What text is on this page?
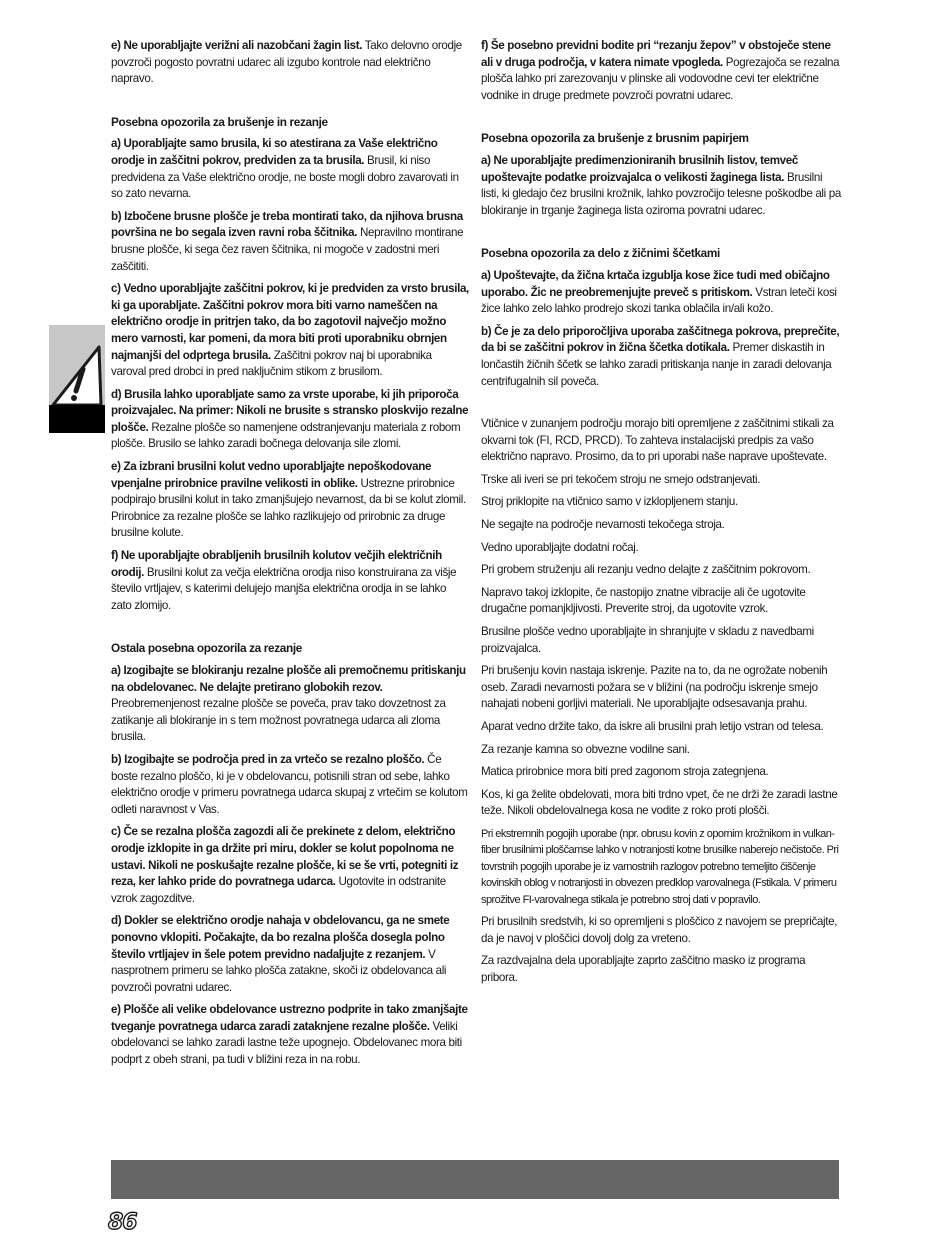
e) Ne uporabljajte verižni ali nazobčani žagin list. Tako delovno orodje povzroči pogosto povratni udarec ali izgubo kontrole nad električno napravo.

Posebna opozorila za brušenje in rezanje

a) Uporabljajte samo brusila, ki so atestirana za Vaše električno orodje in zaščitni pokrov, predviden za ta brusila. Brusil, ki niso predvidena za Vaše električno orodje, ne boste mogli dobro zavarovati in so zato nevarna.

b) Izbočene brusne plošče je treba montirati tako, da njihova brusna površina ne bo segala izven ravni roba ščitnika. Nepravilno montirane brusne plošče, ki sega čez raven ščitnika, ni mogoče v zadostni meri zaščititi.

c) Vedno uporabljajte zaščitni pokrov, ki je predviden za vrsto brusila, ki ga uporabljate. Zaščitni pokrov mora biti varno nameščen na električno orodje in pritrjen tako, da bo zagotovil največjo možno mero varnosti, kar pomeni, da mora biti proti uporabniku obrnjen najmanjši del odprtega brusila. Zaščitni pokrov naj bi uporabnika varoval pred drobci in pred naključnim stikom z brusilom.

d) Brusila lahko uporabljate samo za vrste uporabe, ki jih priporoča proizvajalec. Na primer: Nikoli ne brusite s stransko ploskvijo rezalne plošče. Rezalne plošče so namenjene odstranjevanju materiala z robom plošče. Brusilo se lahko zaradi bočnega delovanja sile zlomi.

e) Za izbrani brusilni kolut vedno uporabljajte nepoškodovane vpenjalne prirobnice pravilne velikosti in oblike. Ustrezne prirobnice podpirajo brusilni kolut in tako zmanjšujejo nevarnost, da bi se kolut zlomil. Prirobnice za rezalne plošče se lahko razlikujejo od prirobnic za druge brusilne kolute.

f) Ne uporabljajte obrabljenih brusilnih kolutov večjih električnih orodij. Brusilni kolut za večja električna orodja niso konstruirana za višje število vrtljajev, s katerimi delujejo manjša električna orodja in se lahko zato zlomijo.

Ostala posebna opozorila za rezanje

a) Izogibajte se blokiranju rezalne plošče ali premočnemu pritiskanju na obdelovanec. Ne delajte pretirano globokih rezov. Preobremenjenost rezalne plošče se poveča, prav tako dovzetnost za zatikanje ali blokiranje in s tem možnost povratnega udarca ali zloma brusila.

b) Izogibajte se področja pred in za vrtečo se rezalno ploščo. Če boste rezalno ploščo, ki je v obdelovancu, potisnili stran od sebe, lahko električno orodje v primeru povratnega udarca skupaj z vrtečim se kolutom odleti naravnost v Vas.

c) Če se rezalna plošča zagozdi ali če prekinete z delom, električno orodje izklopite in ga držite pri miru, dokler se kolut popolnoma ne ustavi. Nikoli ne poskušajte rezalne plošče, ki se še vrti, potegniti iz reza, ker lahko pride do povratnega udarca. Ugotovite in odstranite vzrok zagozditve.

d) Dokler se električno orodje nahaja v obdelovancu, ga ne smete ponovno vklopiti. Počakajte, da bo rezalna plošča dosegla polno število vrtljajev in šele potem previdno nadaljujte z rezanjem. V nasprotnem primeru se lahko plošča zatakne, skoči iz obdelovanca ali povzroči povratni udarec.

e) Plošče ali velike obdelovance ustrezno podprite in tako zmanjšajte tveganje povratnega udarca zaradi zataknjene rezalne plošče. Veliki obdelovanci se lahko zaradi lastne teže upognejo. Obdelovanec mora biti podprt z obeh strani, pa tudi v bližini reza in na robu.

f) Še posebno previdni bodite pri “rezanju žepov” v obstoječe stene ali v druga področja, v katera nimate vpogleda. Pogrezajoča se rezalna plošča lahko pri zarezovanju v plinske ali vodovodne cevi ter električne vodnike in druge predmete povzroči povratni udarec.

Posebna opozorila za brušenje z brusnim papirjem

a) Ne uporabljajte predimenzioniranih brusilnih listov, temveč upoštevajte podatke proizvajalca o velikosti žaginega lista. Brusilni listi, ki gledajo čez brusilni krožnik, lahko povzročijo telesne poškodbe ali pa blokiranje in trganje žaginega lista oziroma povratni udarec.

Posebna opozorila za delo z žičnimi ščetkami

a) Upoštevajte, da žična krtača izgublja kose žice tudi med običajno uporabo. Žic ne preobremenjujte preveč s pritiskom. Vstran leteči kosi žice lahko zelo lahko prodrejo skozi tanka oblačila in/ali kožo.

b) Če je za delo priporočljiva uporaba zaščitnega pokrova, preprečite, da bi se zaščitni pokrov in žična ščetka dotikala. Premer diskastih in lončastih žičnih ščetk se lahko zaradi pritiskanja nanje in zaradi delovanja centrifugalnih sil poveča.

Vtičnice v zunanjem področju morajo biti opremljene z zaščitnimi stikali za okvarni tok (FI, RCD, PRCD). To zahteva instalacijski predpis za vašo električno napravo. Prosimo, da to pri uporabi naše naprave upoštevate.

Trske ali iveri se pri tekočem stroju ne smejo odstranjevati.

Stroj priklopite na vtičnico samo v izklopljenem stanju.

Ne segajte na področje nevarnosti tekočega stroja.

Vedno uporabljajte dodatni ročaj.

Pri grobem struženju ali rezanju vedno delajte z zaščitnim pokrovom.

Napravo takoj izklopite, če nastopijo znatne vibracije ali če ugotovite drugačne pomanjkljivosti. Preverite stroj, da ugotovite vzrok.

Brusilne plošče vedno uporabljajte in shranjujte v skladu z navedbami proizvajalca.

Pri brušenju kovin nastaja iskrenje. Pazite na to, da ne ogrožate nobenih oseb. Zaradi nevarnosti požara se v bližini (na področju iskrenje smejo nahajati nobeni gorljivi materiali. Ne uporabljajte odsesavanja prahu.

Aparat vedno držite tako, da iskre ali brusilni prah letijo vstran od telesa.

Za rezanje kamna so obvezne vodilne sani.

Matica prirobnice mora biti pred zagonom stroja zategnjena.

Kos, ki ga želite obdelovati, mora biti trdno vpet, če ne drži že zaradi lastne teže. Nikoli obdelovalnega kosa ne vodite z roko proti plošči.

Pri ekstremnih pogojih uporabe (npr. obrusu kovin z opornim krožnikom in vulkan-fiber brusilnimi ploščamse lahko v notranjosti kotne brusilke naberejo nečistoče. Pri tovrstnih pogojih uporabe je iz varnostnih razlogov potrebno temeljito čiščenje kovinskih oblog v notranjosti in obvezen predklop varovalnega (Fstikala. V primeru sprožitve FI-varovalnega stikala je potrebno stroj dati v popravilo.

Pri brusilnih sredstvih, ki so opremljeni s ploščico z navojem se prepričajte, da je navoj v ploščici dovolj dolg za vreteno.

Za razdvajalna dela uporabljajte zaprto zaščitno masko iz programa pribora.

86
